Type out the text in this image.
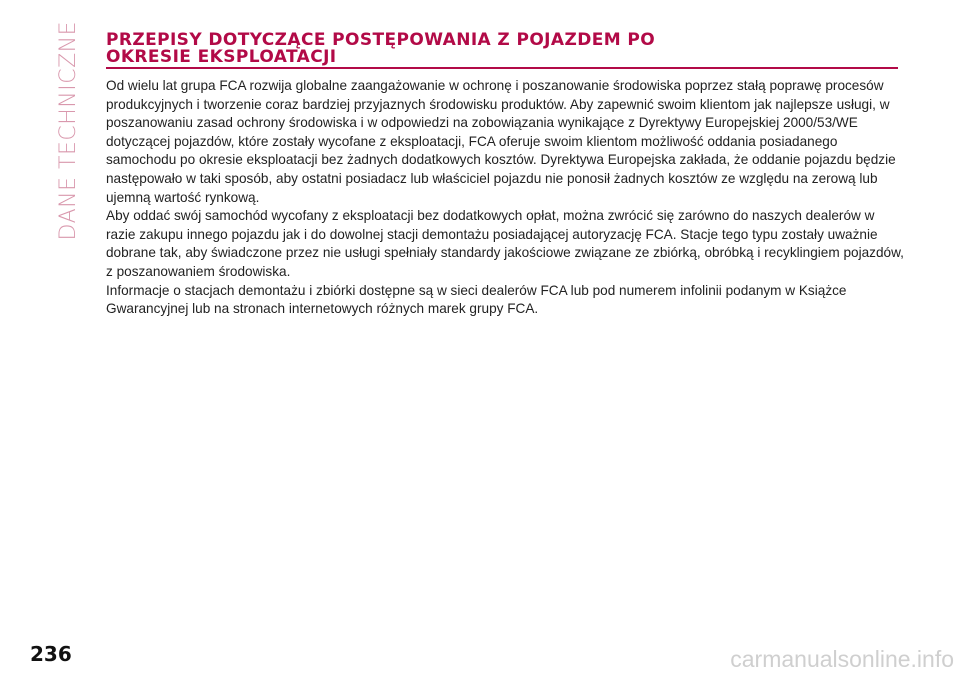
DANE TECHNICZNE PRZEPISY DOTYCZĄCE POSTĘPOWANIA Z POJAZDEM PO
OKRESIE EKSPLOATACJI

Od wielu lat grupa FCA rozwija globalne zaangażowanie w ochronę i poszanowanie środowiska poprzez stałą poprawę procesów produkcyjnych i tworzenie coraz bardziej przyjaznych środowisku produktów. Aby zapewnić swoim klientom jak najlepsze usługi, w poszanowaniu zasad ochrony środowiska i w odpowiedzi na zobowiązania wynikające z Dyrektywy Europejskiej 2000/53/WE dotyczącej pojazdów, które zostały wycofane z eksploatacji, FCA oferuje swoim klientom możliwość oddania posiadanego samochodu po okresie eksploatacji bez żadnych dodatkowych kosztów. Dyrektywa Europejska zakłada, że oddanie pojazdu będzie następowało w taki sposób, aby ostatni posiadacz lub właściciel pojazdu nie ponosił żadnych kosztów ze względu na zerową lub ujemną wartość rynkową.

Aby oddać swój samochód wycofany z eksploatacji bez dodatkowych opłat, można zwrócić się zarówno do naszych dealerów w razie zakupu innego pojazdu jak i do dowolnej stacji demontażu posiadającej autoryzację FCA. Stacje tego typu zostały uważnie dobrane tak, aby świadczone przez nie usługi spełniały standardy jakościowe związane ze zbiórką, obróbką i recyklingiem pojazdów, z poszanowaniem środowiska.

Informacje o stacjach demontażu i zbiórki dostępne są w sieci dealerów FCA lub pod numerem infolinii podanym w Książce Gwarancyjnej lub na stronach internetowych różnych marek grupy FCA.

236	carmanualsonline.info
